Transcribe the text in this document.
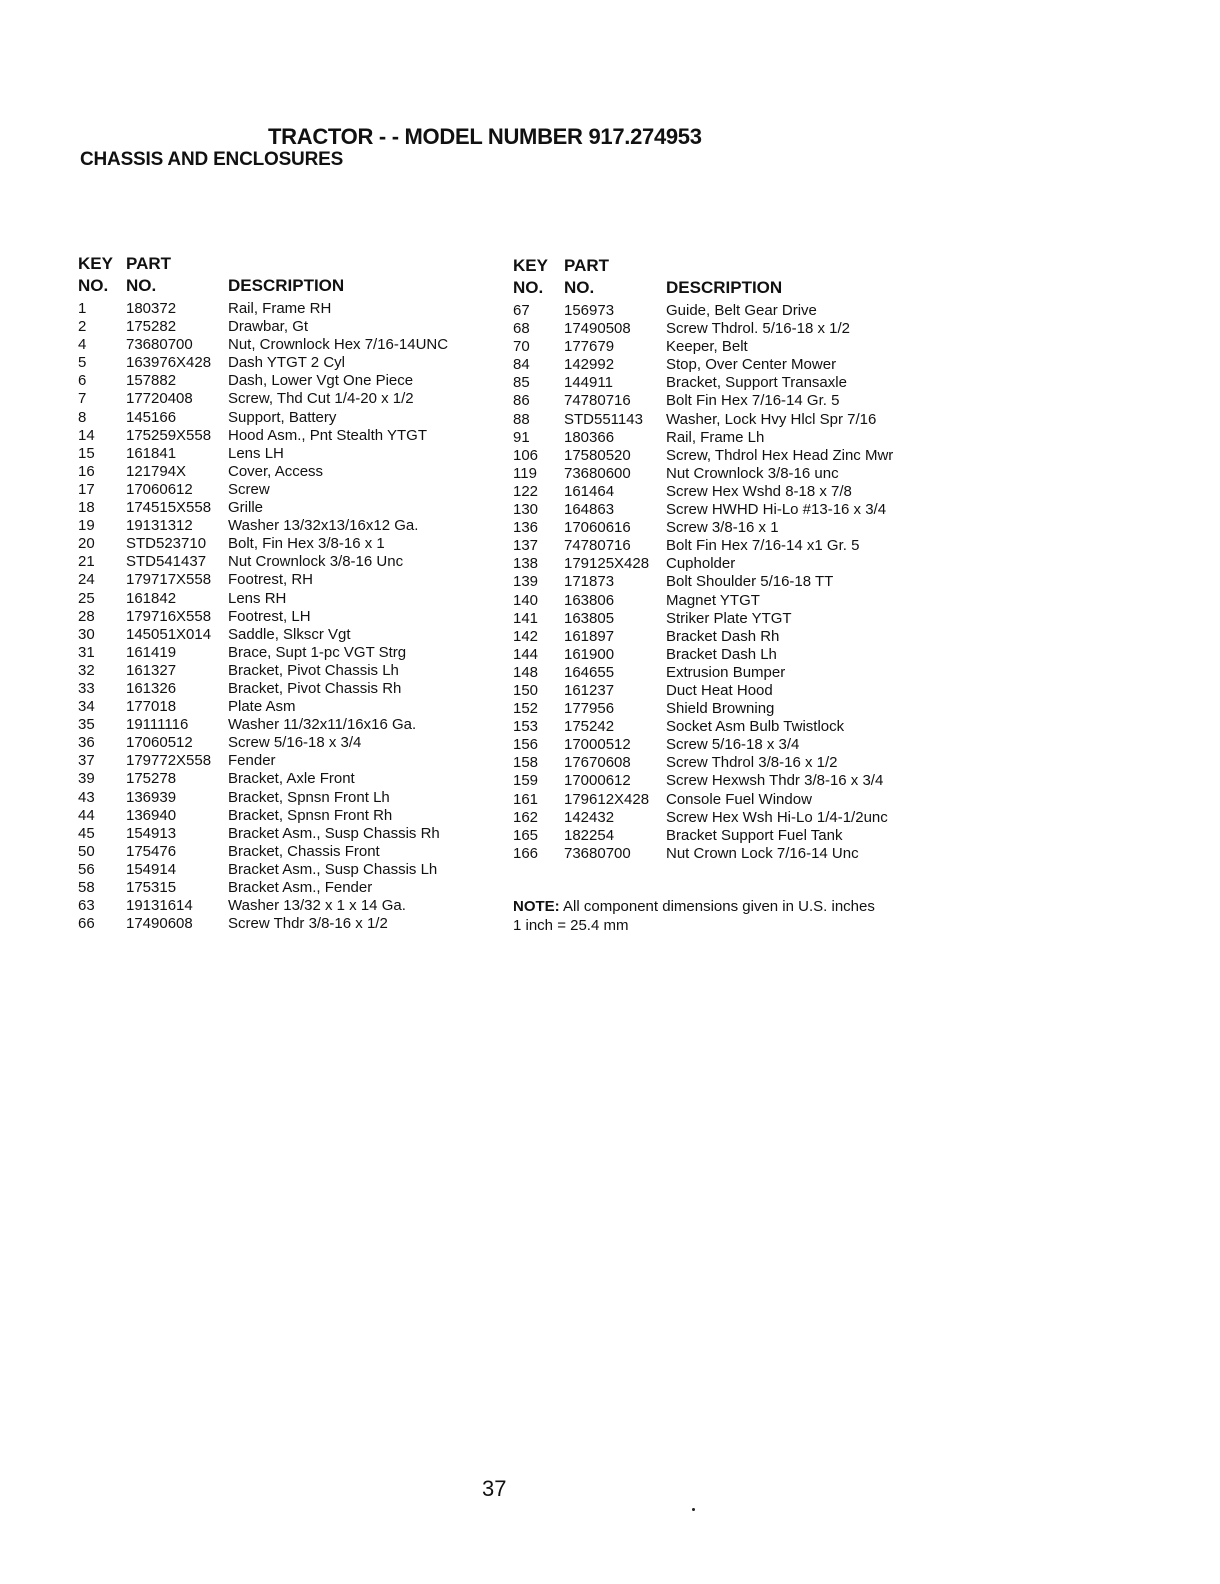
TRACTOR - - MODEL NUMBER 917.274953
CHASSIS AND ENCLOSURES
KEY
NO.
PART
NO.	DESCRIPTION
1	180372	Rail, Frame RH
2	175282	Drawbar, Gt
4	73680700 Nut, Crownlock Hex 7/16-14UNC
5	163976X428 Dash YTGT 2 Cyl
6	157882	Dash, Lower Vgt One Piece
7	17720408 Screw, Thd Cut 1/4-20 x 1/2
8	145166	Support, Battery
14 175259X558 Hood Asm., Pnt Stealth YTGT
15 161841	Lens LH
16 121794X	Cover, Access
17 17060612 Screw
18 174515X558 Grille
19 19131312 Washer 13/32x13/16x12 Ga.
20 STD523710 Bolt, Fin Hex 3/8-16 x 1
21 STD541437 Nut Crownlock 3/8-16 Unc
24 179717X558 Footrest, RH
25 161842	Lens RH
28 179716X558 Footrest, LH
30 145051X014 Saddle, Slkscr Vgt
31 161419	Brace, Supt 1-pc VGT Strg
32 161327	Bracket, Pivot Chassis Lh
33 161326	Bracket, Pivot Chassis Rh
34 177018	Plate Asm
35 19111116	Washer 11/32x11/16x16 Ga.
36 17060512 Screw 5/16-18 x 3/4
37 179772X558 Fender
39 175278	Bracket, Axle Front
43 136939	Bracket, Spnsn Front Lh
44 136940	Bracket, Spnsn Front Rh
45 154913	Bracket Asm., Susp Chassis Rh
50 175476	Bracket, Chassis Front
56 154914	Bracket Asm., Susp Chassis Lh
58 175315	Bracket Asm., Fender
63 19131614 Washer 13/32 x 1 x 14 Ga.
66 17490608 Screw Thdr 3/8-16 x 1/2
KEY
NO.
PART
NO.	DESCRIPTION
67 156973	Guide, Belt Gear Drive
68 17490508 Screw Thdrol. 5/16-18 x 1/2
70 177679	Keeper, Belt
84 142992	Stop, Over Center Mower
85 144911	Bracket, Support Transaxle
86 74780716 Bolt Fin Hex 7/16-14 Gr. 5
88 STD551143 Washer, Lock Hvy Hlcl Spr 7/16
91 180366	Rail, Frame Lh
106 17580520 Screw, Thdrol Hex Head Zinc Mwr
119 73680600 Nut Crownlock 3/8-16 unc
122 161464	Screw Hex Wshd 8-18 x 7/8
130 164863	Screw HWHD Hi-Lo #13-16 x 3/4
136 17060616 Screw 3/8-16 x 1
137 74780716 Bolt Fin Hex 7/16-14 x1 Gr. 5
138 179125X428 Cupholder
139 171873	Bolt Shoulder 5/16-18 TT
140 163806	Magnet YTGT
141 163805	Striker Plate YTGT
142 161897	Bracket Dash Rh
144 161900	Bracket Dash Lh
148 164655	Extrusion Bumper
150 161237	Duct Heat Hood
152 177956	Shield Browning
153 175242	Socket Asm Bulb Twistlock
156 17000512 Screw 5/16-18 x 3/4
158 17670608 Screw Thdrol 3/8-16 x 1/2
159 17000612 Screw Hexwsh Thdr 3/8-16 x 3/4
161 179612X428 Console Fuel Window
162 142432	Screw Hex Wsh Hi-Lo 1/4-1/2unc
165 182254	Bracket Support Fuel Tank
166 73680700 Nut Crown Lock 7/16-14 Unc
NOTE: All component dimensions given in U.S. inches
1 inch = 25.4 mm
37
